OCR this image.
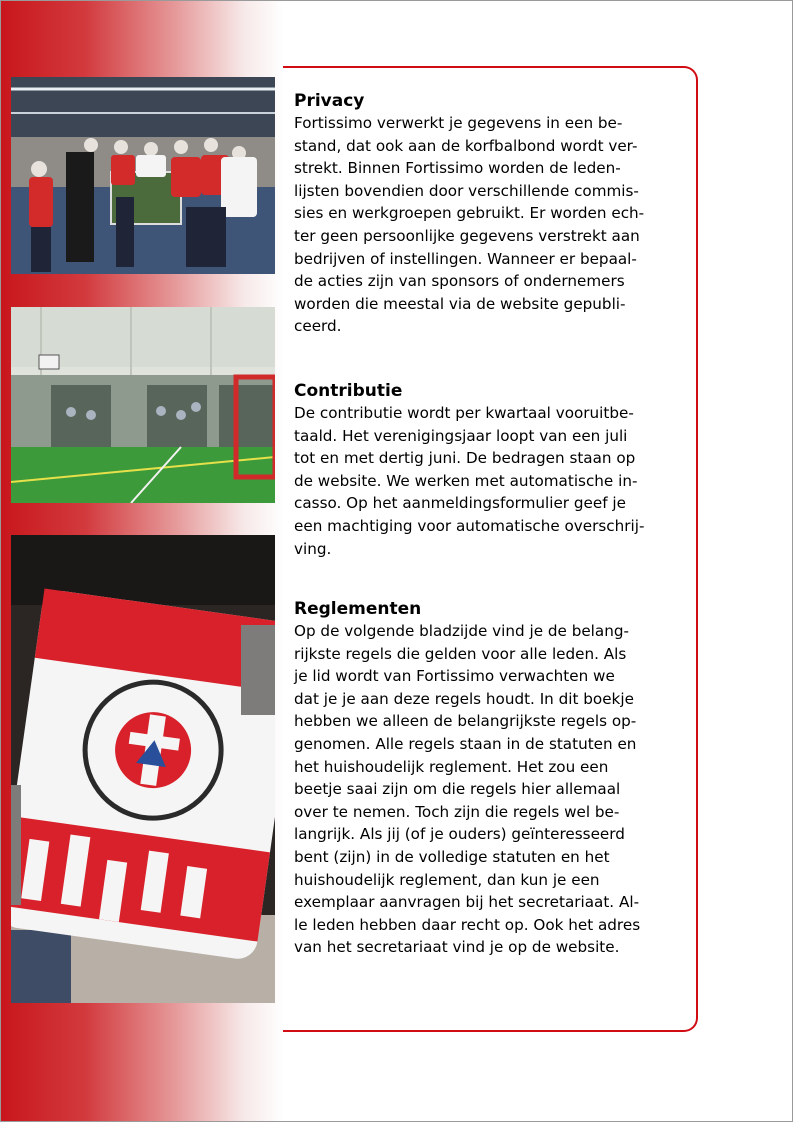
Privacy
Fortissimo verwerkt je gegevens in een be-
stand, dat ook aan de korfbalbond wordt ver-
strekt. Binnen Fortissimo worden de leden-
lijsten bovendien door verschillende commis-
sies en werkgroepen gebruikt. Er worden ech-
ter geen persoonlijke gegevens verstrekt aan
bedrijven of instellingen. Wanneer er bepaal-
de acties zijn van sponsors of ondernemers
worden die meestal via de website gepubli-
ceerd.
Contributie
De contributie wordt per kwartaal vooruitbe-
taald. Het verenigingsjaar loopt van een juli
tot en met dertig juni. De bedragen staan op
de website. We werken met automatische in-
casso. Op het aanmeldingsformulier geef je
een machtiging voor automatische overschrij-
ving.
Reglementen
Op de volgende bladzijde vind je de belang-
rijkste regels die gelden voor alle leden. Als
je lid wordt van Fortissimo verwachten we
dat je je aan deze regels houdt. In dit boekje
hebben we alleen de belangrijkste regels op-
genomen. Alle regels staan in de statuten en
het huishoudelijk reglement. Het zou een
beetje saai zijn om die regels hier allemaal
over te nemen. Toch zijn die regels wel be-
langrijk. Als jij (of je ouders) geïnteresseerd
bent (zijn) in de volledige statuten en het
huishoudelijk reglement, dan kun je een
exemplaar aanvragen bij het secretariaat. Al-
le leden hebben daar recht op. Ook het adres
van het secretariaat vind je op de website.
